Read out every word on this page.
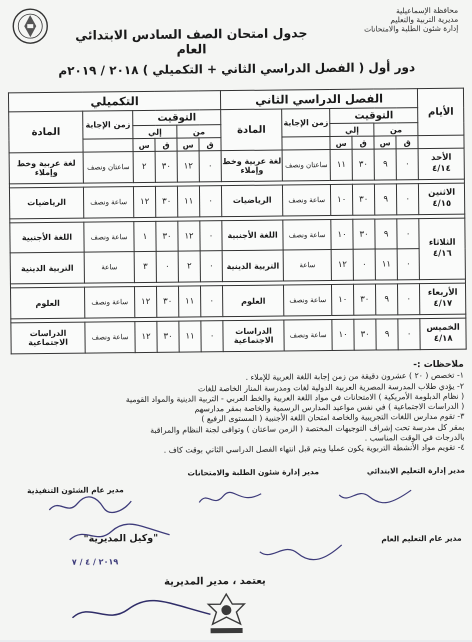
محافظة الإسماعيلية
مديرية التربية والتعليم
إدارة شئون الطلبة والامتحانات
جدول امتحان الصف السادس الابتدائي العام
دور أول ( الفصل الدراسي الثاني + التكميلي ) ٢٠١٨ / ٢٠١٩م
الأيام	الفصل الدراسي الثاني						التكميلي					
	التوقيت				زمن الإجابة	المادة	التوقيت				زمن الإجابة	المادة
	من		إلي				من		إلي			
	ق	س	ق	س			ق	س	ق	س		

الأحد
٤/١٤	٠	٩	٣٠	١١	ساعتان ونصف	لغة عربية وخط وإملاء	٠	١٢	٣٠	٢	ساعتان ونصف	لغة عربية وخط وإملاء

الاثنين
٤/١٥	٠	٩	٣٠	١٠	ساعة ونصف	الرياضيات	٠	١١	٣٠	١٢	ساعة ونصف	الرياضيات

الثلاثاء
٤/١٦	٠	٩	٣٠	١٠	ساعة ونصف	اللغة الأجنبية	٠	١٢	٣٠	١	ساعة ونصف	اللغة الأجنبية
	٠	١١	٠	١٢	ساعة	التربية الدينية	٠	٢	٠	٣	ساعة	التربية الدينية

الأربعاء
٤/١٧	٠	٩	٣٠	١٠	ساعة ونصف	العلوم	٠	١١	٣٠	١٢	ساعة ونصف	العلوم

الخميس
٤/١٨	٠	٩	٣٠	١٠	ساعة ونصف	الدراسات الاجتماعية	٠	١١	٣٠	١٢	ساعة ونصف	الدراسات الاجتماعية
ملاحظات :-

١- تخصص ( ٢٠ ) عشرون دقيقة من زمن إجابة اللغة العربية للإملاء .

٢- يؤدي طلاب المدرسة المصرية العربية الدولية لغات ومدرسة المنار الخاصة للغات

( نظام الدبلومة الأمريكية ) الامتحانات في مواد اللغة العربية والخط العربي - التربية الدينية والمواد القومية

( الدراسات الاجتماعية ) في نفس مواعيد المدارس الرسمية والخاصة بمقر مدارسهم

٣- تقوم مدارس اللغات التجريبية والخاصة امتحان اللغة الأجنبية ( المستوى الرفيع )

بمقر كل مدرسة تحت إشراف التوجيهات المختصة ( الزمن ساعتان ) وتوافى لجنة النظام والمراقبة

بالدرجات في الوقت المناسب .

٤- تقويم مواد الأنشطة التربوية يكون عمليا ويتم قبل انتهاء الفصل الدراسي الثاني بوقت كاف .

مدير إدارة التعليم الابتدائي
مدير إدارة شئون الطلبة والامتحانات
مدير عام الشئون التنفيذية
مدير عام التعليم العام
"وكيل المديرية"
٢٠١٩ / ٤ / ٧
يعتمد ، مدير المديرية
